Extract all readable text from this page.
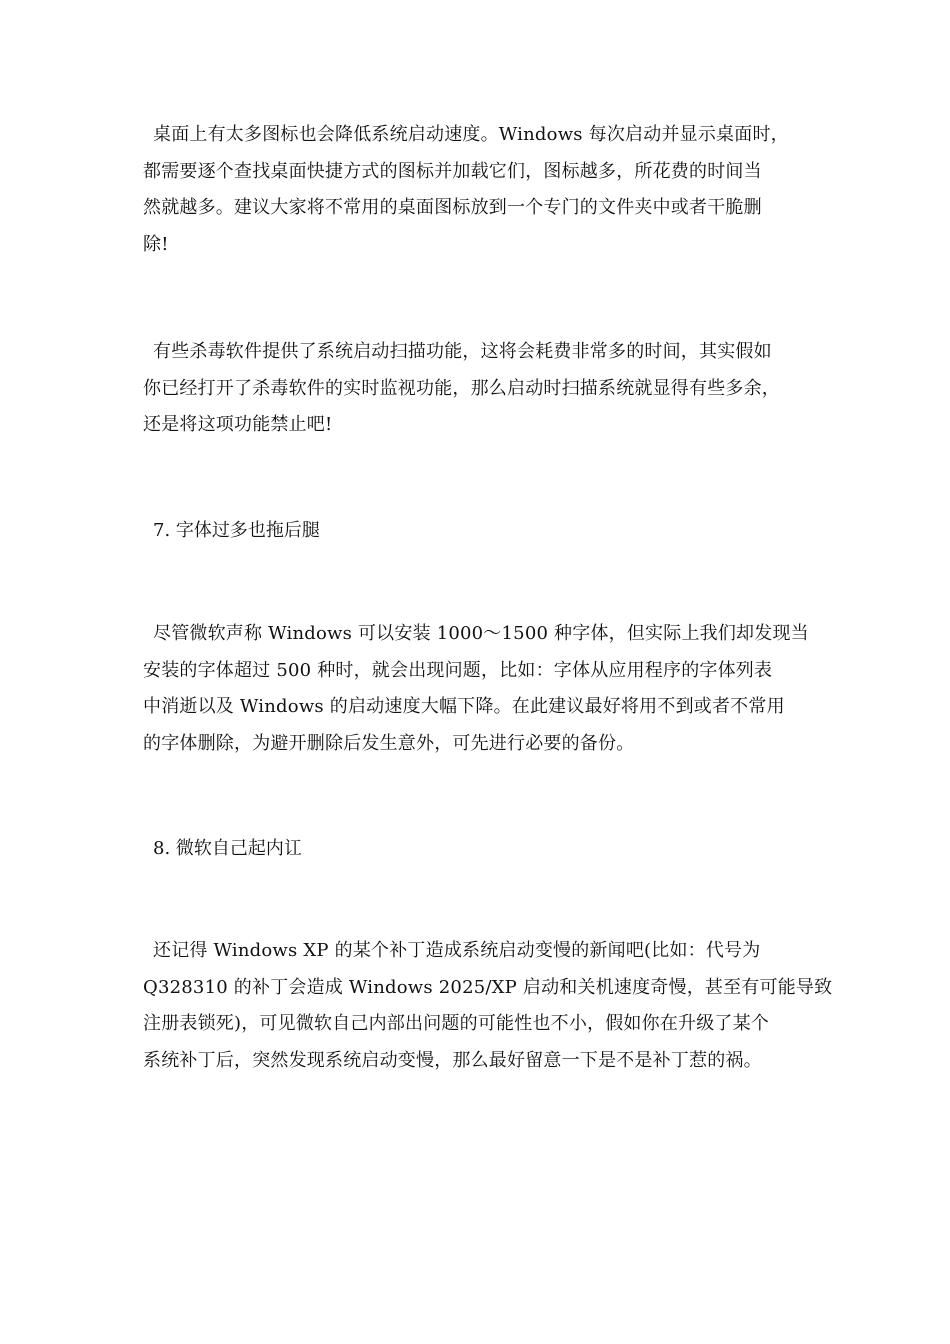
桌面上有太多图标也会降低系统启动速度。Windows 每次启动并显示桌面时，
都需要逐个查找桌面快捷方式的图标并加载它们，图标越多，所花费的时间当
然就越多。建议大家将不常用的桌面图标放到一个专门的文件夹中或者干脆删
除!
有些杀毒软件提供了系统启动扫描功能，这将会耗费非常多的时间，其实假如
你已经打开了杀毒软件的实时监视功能，那么启动时扫描系统就显得有些多余，
还是将这项功能禁止吧!
7. 字体过多也拖后腿
尽管微软声称 Windows 可以安装 1000～1500 种字体，但实际上我们却发现当
安装的字体超过 500 种时，就会出现问题，比如：字体从应用程序的字体列表
中消逝以及 Windows 的启动速度大幅下降。在此建议最好将用不到或者不常用
的字体删除，为避开删除后发生意外，可先进行必要的备份。
8. 微软自己起内讧
还记得 Windows XP 的某个补丁造成系统启动变慢的新闻吧(比如：代号为
Q328310 的补丁会造成 Windows 2025/XP 启动和关机速度奇慢，甚至有可能导致
注册表锁死)，可见微软自己内部出问题的可能性也不小，假如你在升级了某个
系统补丁后，突然发现系统启动变慢，那么最好留意一下是不是补丁惹的祸。
